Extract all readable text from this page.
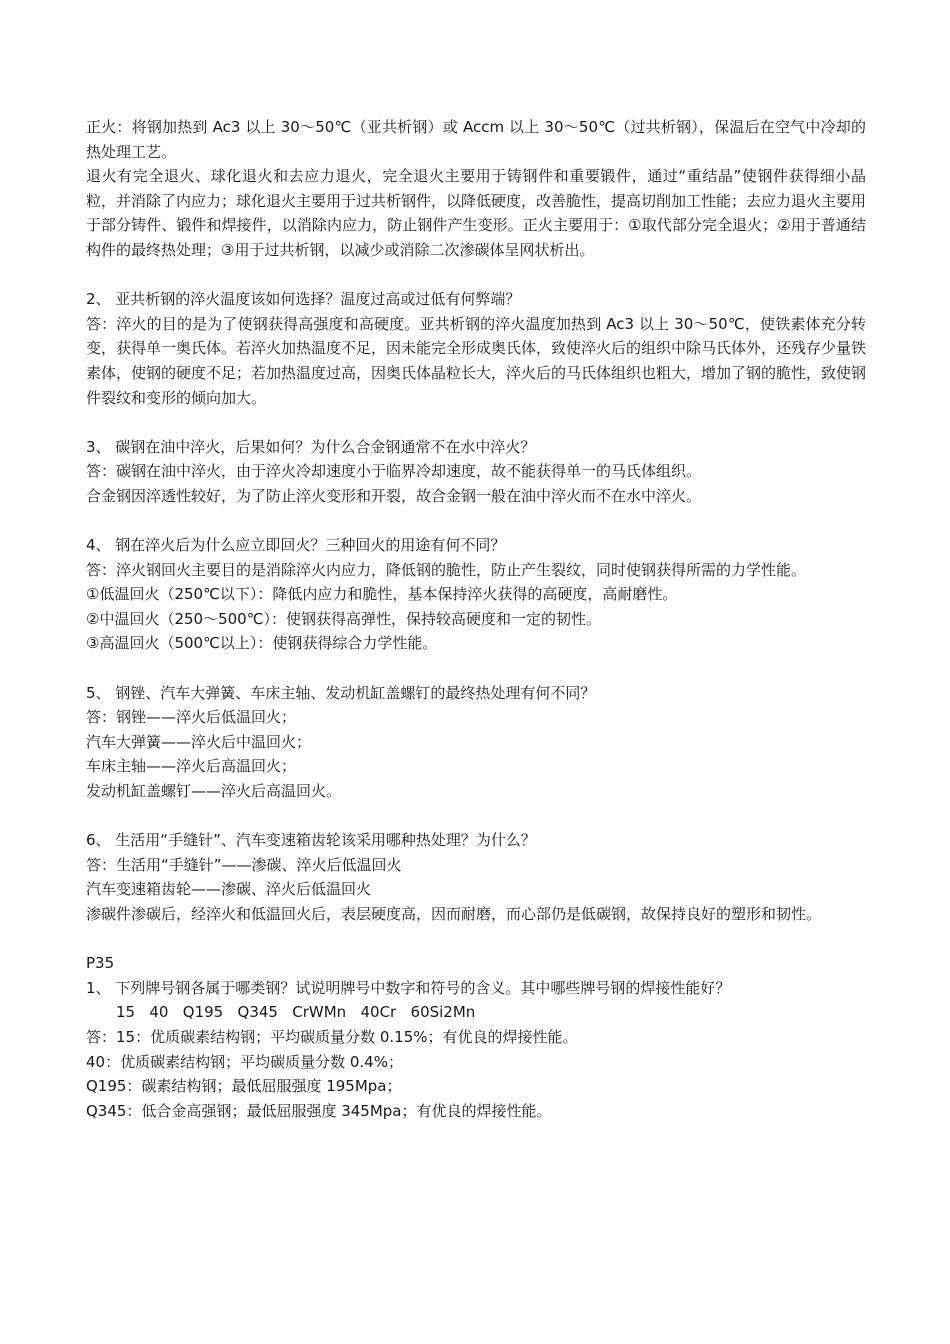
正火：将钢加热到 Ac3 以上 30～50℃（亚共析钢）或 Accm 以上 30～50℃（过共析钢），保温后在空气中冷却的热处理工艺。

退火有完全退火、球化退火和去应力退火，完全退火主要用于铸钢件和重要锻件，通过“重结晶”使钢件获得细小晶粒，并消除了内应力；球化退火主要用于过共析钢件，以降低硬度，改善脆性，提高切削加工性能；去应力退火主要用于部分铸件、锻件和焊接件，以消除内应力，防止钢件产生变形。正火主要用于：①取代部分完全退火；②用于普通结构件的最终热处理；③用于过共析钢，以减少或消除二次渗碳体呈网状析出。

2、 亚共析钢的淬火温度该如何选择？温度过高或过低有何弊端？

答：淬火的目的是为了使钢获得高强度和高硬度。亚共析钢的淬火温度加热到 Ac3 以上 30～50℃，使铁素体充分转变，获得单一奥氏体。若淬火加热温度不足，因未能完全形成奥氏体，致使淬火后的组织中除马氏体外，还残存少量铁素体，使钢的硬度不足；若加热温度过高，因奥氏体晶粒长大，淬火后的马氏体组织也粗大，增加了钢的脆性，致使钢件裂纹和变形的倾向加大。

3、 碳钢在油中淬火，后果如何？为什么合金钢通常不在水中淬火？

答：碳钢在油中淬火，由于淬火冷却速度小于临界冷却速度，故不能获得单一的马氏体组织。

合金钢因淬透性较好，为了防止淬火变形和开裂，故合金钢一般在油中淬火而不在水中淬火。

4、 钢在淬火后为什么应立即回火？三种回火的用途有何不同？

答：淬火钢回火主要目的是消除淬火内应力，降低钢的脆性，防止产生裂纹，同时使钢获得所需的力学性能。

①低温回火（250℃以下）：降低内应力和脆性，基本保持淬火获得的高硬度，高耐磨性。

②中温回火（250～500℃）：使钢获得高弹性，保持较高硬度和一定的韧性。

③高温回火（500℃以上）：使钢获得综合力学性能。

5、 钢锉、汽车大弹簧、车床主轴、发动机缸盖螺钉的最终热处理有何不同？

答：钢锉——淬火后低温回火；

汽车大弹簧——淬火后中温回火；

车床主轴——淬火后高温回火；

发动机缸盖螺钉——淬火后高温回火。

6、 生活用“手缝针”、汽车变速箱齿轮该采用哪种热处理？为什么？

答：生活用“手缝针”——渗碳、淬火后低温回火

汽车变速箱齿轮——渗碳、淬火后低温回火

渗碳件渗碳后，经淬火和低温回火后，表层硬度高，因而耐磨，而心部仍是低碳钢，故保持良好的塑形和韧性。

P35

1、 下列牌号钢各属于哪类钢？试说明牌号中数字和符号的含义。其中哪些牌号钢的焊接性能好？

15   40   Q195   Q345   CrWMn   40Cr   60Si2Mn

答：15：优质碳素结构钢；平均碳质量分数 0.15%；有优良的焊接性能。

40：优质碳素结构钢；平均碳质量分数 0.4%；

Q195：碳素结构钢；最低屈服强度 195Mpa；

Q345：低合金高强钢；最低屈服强度 345Mpa；有优良的焊接性能。
